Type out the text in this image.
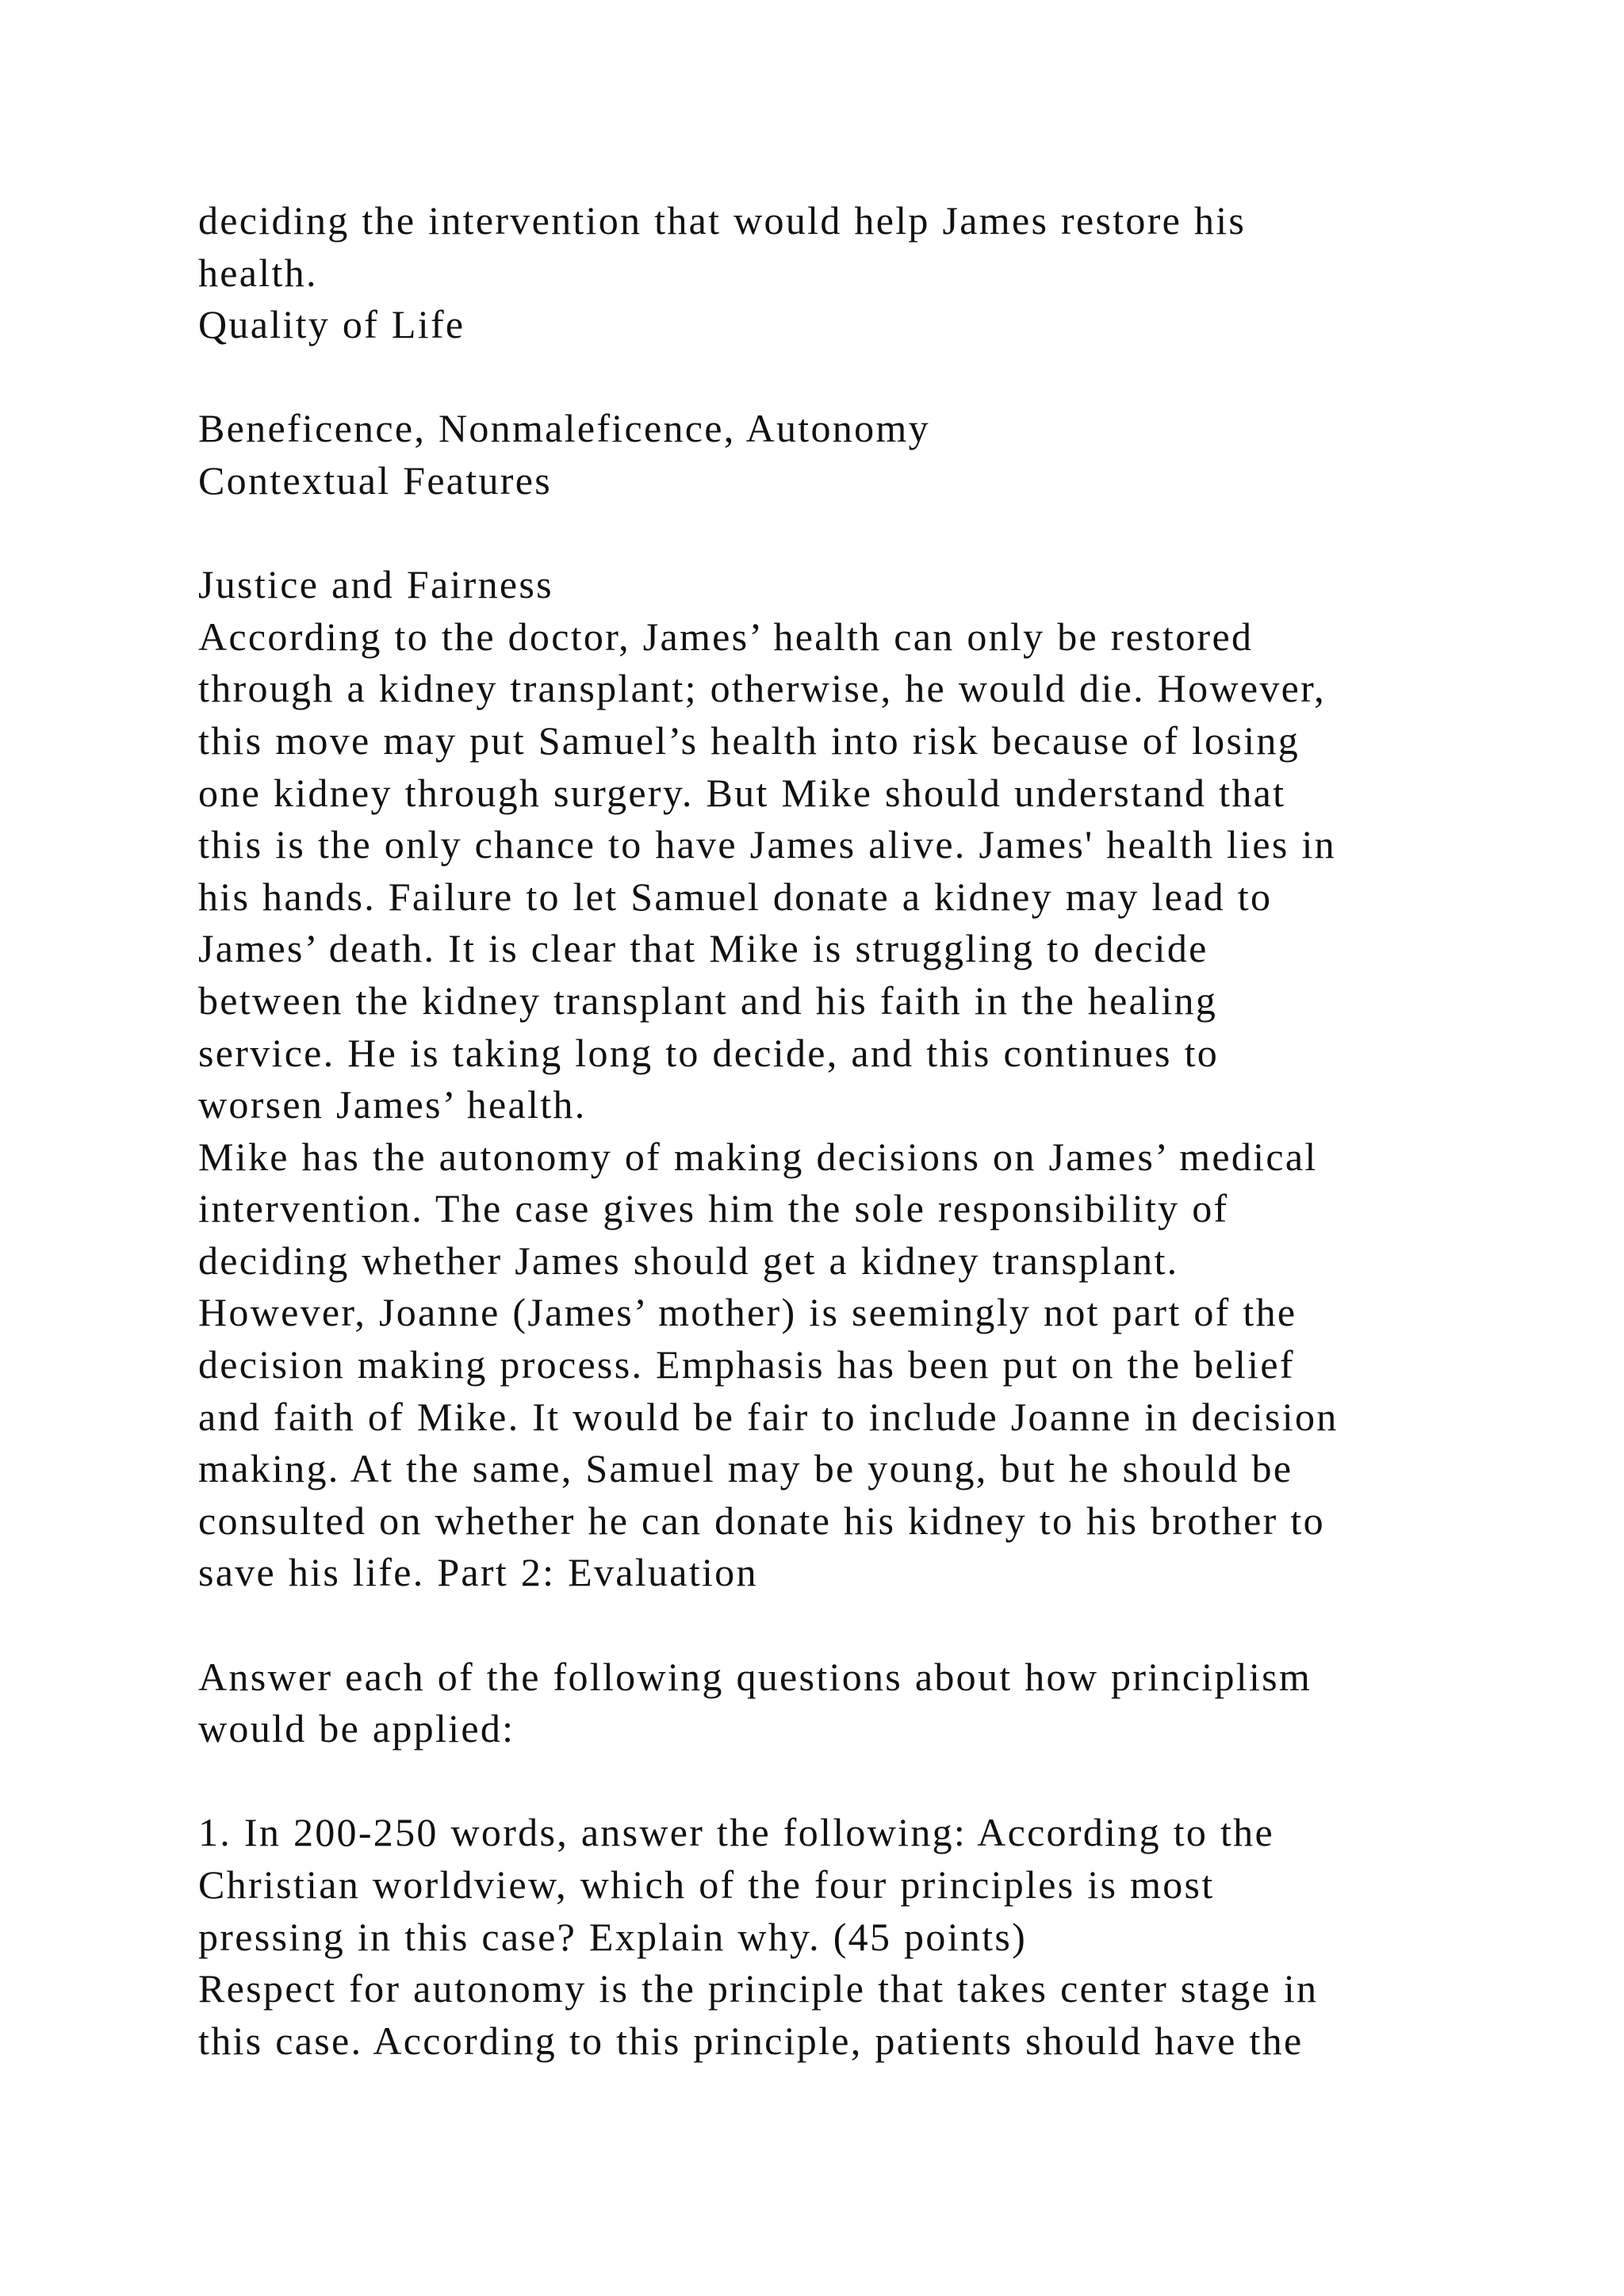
deciding the intervention that would help James restore his
health.
Quality of Life
Beneficence, Nonmaleficence, Autonomy
Contextual Features
Justice and Fairness
According to the doctor, James’ health can only be restored
through a kidney transplant; otherwise, he would die. However,
this move may put Samuel’s health into risk because of losing
one kidney through surgery. But Mike should understand that
this is the only chance to have James alive. James' health lies in
his hands. Failure to let Samuel donate a kidney may lead to
James’ death. It is clear that Mike is struggling to decide
between the kidney transplant and his faith in the healing
service. He is taking long to decide, and this continues to
worsen James’ health.
Mike has the autonomy of making decisions on James’ medical
intervention. The case gives him the sole responsibility of
deciding whether James should get a kidney transplant.
However, Joanne (James’ mother) is seemingly not part of the
decision making process. Emphasis has been put on the belief
and faith of Mike. It would be fair to include Joanne in decision
making. At the same, Samuel may be young, but he should be
consulted on whether he can donate his kidney to his brother to
save his life. Part 2: Evaluation
Answer each of the following questions about how principlism
would be applied:
1. In 200-250 words, answer the following: According to the
Christian worldview, which of the four principles is most
pressing in this case? Explain why. (45 points)
Respect for autonomy is the principle that takes center stage in
this case. According to this principle, patients should have the
